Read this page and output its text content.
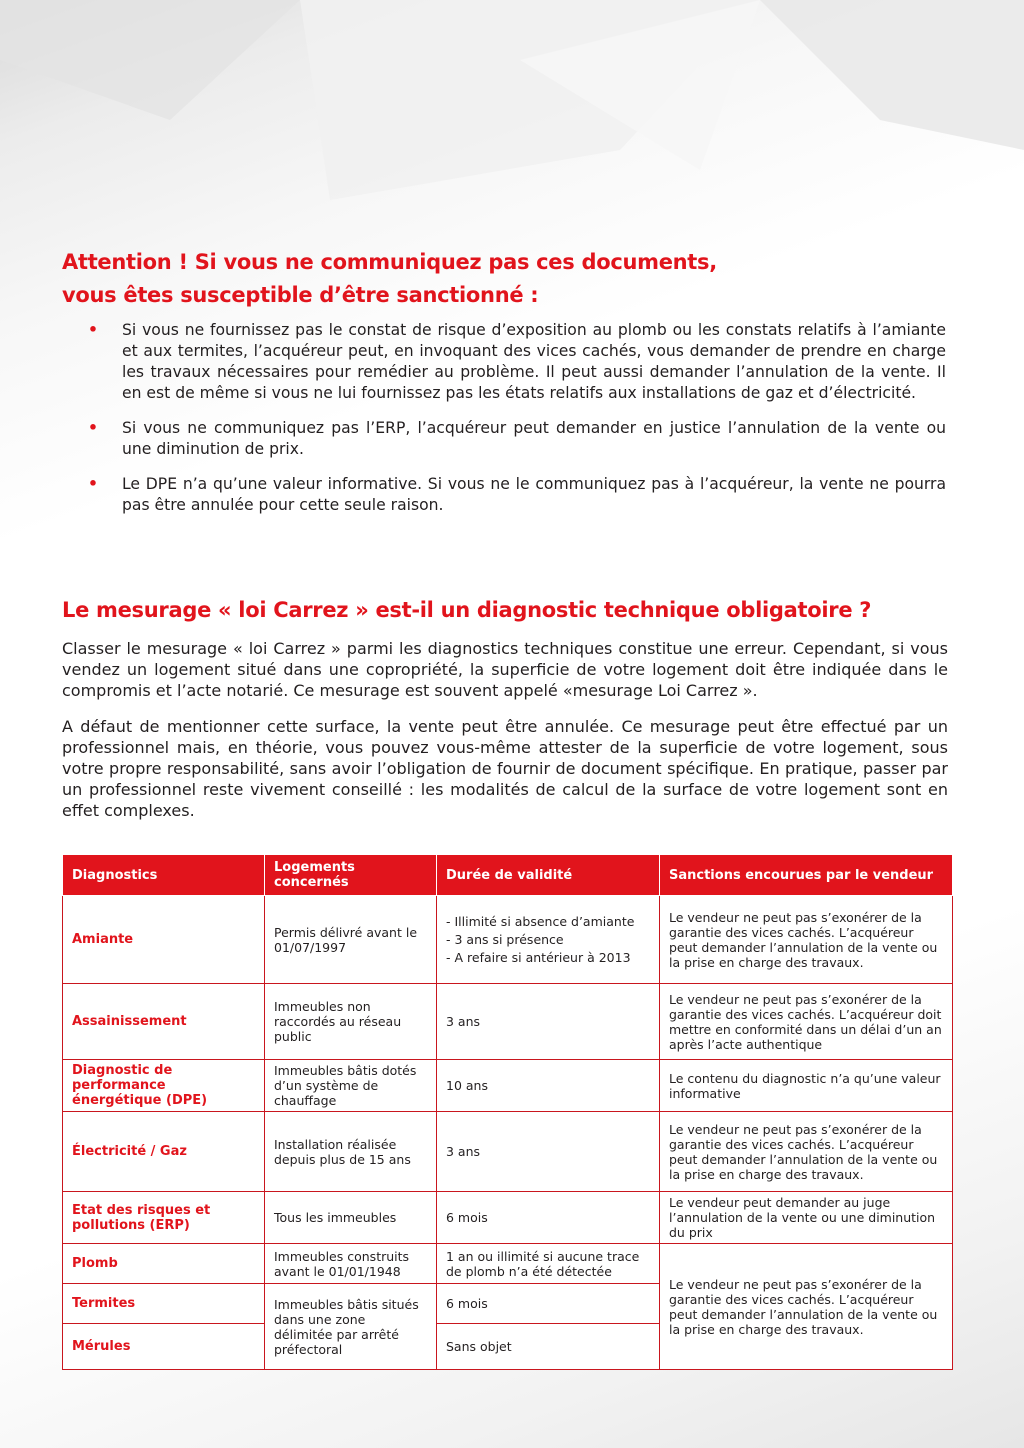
Attention ! Si vous ne communiquez pas ces documents,
vous êtes susceptible d’être sanctionné :
• Si vous ne fournissez pas le constat de risque d’exposition au plomb ou les constats relatifs à l’amiante et aux termites, l’acquéreur peut, en invoquant des vices cachés, vous demander de prendre en charge les travaux nécessaires pour remédier au problème. Il peut aussi demander l’annulation de la vente. Il en est de même si vous ne lui fournissez pas les états relatifs aux installations de gaz et d’électricité.
• Si vous ne communiquez pas l’ERP, l’acquéreur peut demander en justice l’annulation de la vente ou une diminution de prix.
• Le DPE n’a qu’une valeur informative. Si vous ne le communiquez pas à l’acquéreur, la vente ne pourra pas être annulée pour cette seule raison.
Le mesurage « loi Carrez » est-il un diagnostic technique obligatoire ?

Classer le mesurage « loi Carrez » parmi les diagnostics techniques constitue une erreur. Cependant, si vous vendez un logement situé dans une copropriété, la superficie de votre logement doit être indiquée dans le compromis et l’acte notarié. Ce mesurage est souvent appelé «mesurage Loi Carrez ».

A défaut de mentionner cette surface, la vente peut être annulée. Ce mesurage peut être effectué par un professionnel mais, en théorie, vous pouvez vous-même attester de la superficie de votre logement, sous votre propre responsabilité, sans avoir l’obligation de fournir de document spécifique. En pratique, passer par un professionnel reste vivement conseillé : les modalités de calcul de la surface de votre logement sont en effet complexes.

Diagnostics	Logements concernés	Durée de validité	Sanctions encourues par le vendeur
Amiante	Permis délivré avant le 01/07/1997	- Illimité si absence d’amiante
- 3 ans si présence
- A refaire si antérieur à 2013	Le vendeur ne peut pas s’exonérer de la garantie des vices cachés. L’acquéreur peut demander l’annulation de la vente ou la prise en charge des travaux.
Assainissement	Immeubles non raccordés au réseau public	3 ans	Le vendeur ne peut pas s’exonérer de la garantie des vices cachés. L’acquéreur doit mettre en conformité dans un délai d’un an après l’acte authentique
Diagnostic de performance énergétique (DPE)	Immeubles bâtis dotés d’un système de chauffage	10 ans	Le contenu du diagnostic n’a qu’une valeur informative
Électricité / Gaz	Installation réalisée depuis plus de 15 ans	3 ans	Le vendeur ne peut pas s’exonérer de la garantie des vices cachés. L’acquéreur peut demander l’annulation de la vente ou la prise en charge des travaux.
Etat des risques et pollutions (ERP)	Tous les immeubles	6 mois	Le vendeur peut demander au juge l’annulation de la vente ou une diminution du prix
Plomb	Immeubles construits avant le 01/01/1948	1 an ou illimité si aucune trace de plomb n’a été détectée	Le vendeur ne peut pas s’exonérer de la garantie des vices cachés. L’acquéreur peut demander l’annulation de la vente ou la prise en charge des travaux.
Termites	Immeubles bâtis situés dans une zone délimitée par arrêté préfectoral	6 mois	
Mérules		Sans objet	
